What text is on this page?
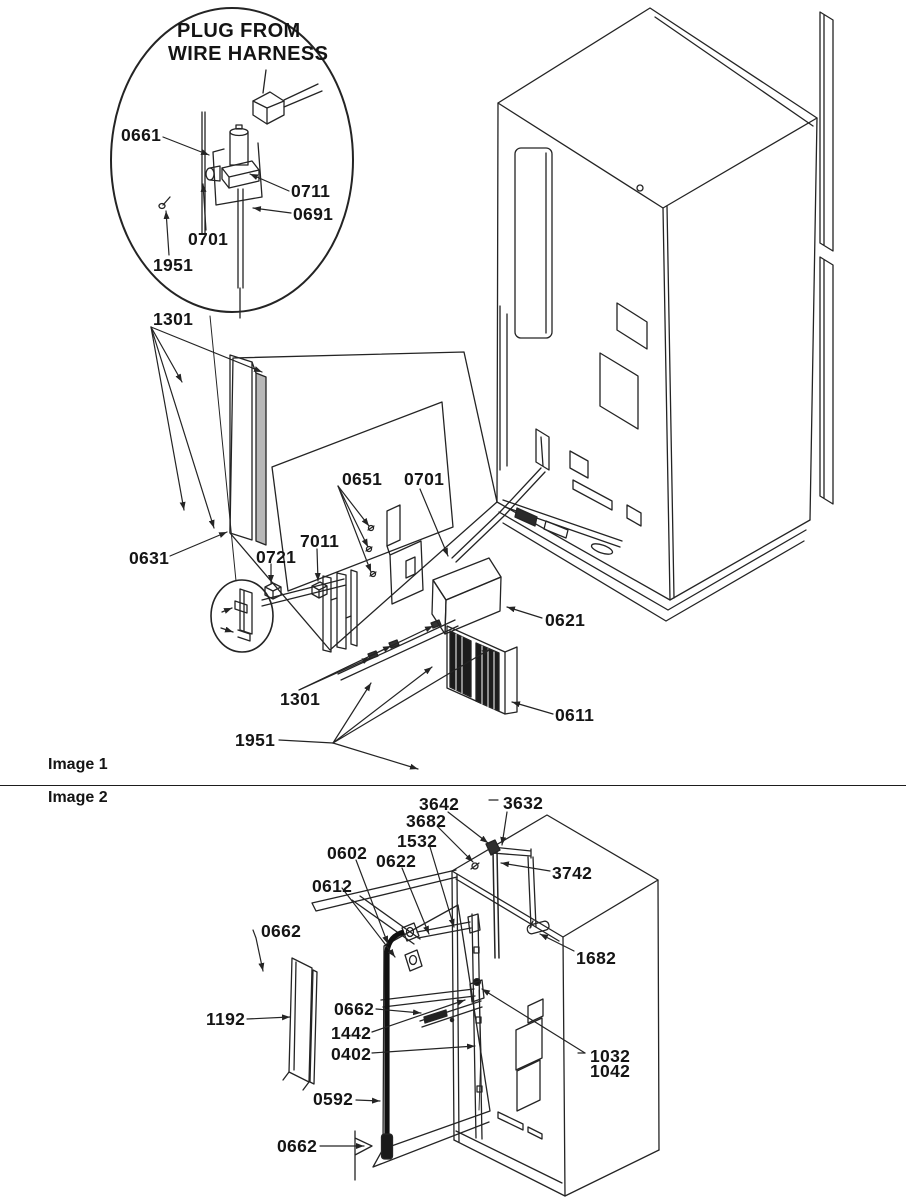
PLUG FROM
WIRE HARNESS
Image 1
Image 2
0661
0711
0691
0701
1951
1301
0651 0701
0631	0721
7011
0621
1301
0611
1951
3642	3632
3682
1532
0602 0622
0612
3742
1682
0662
1192	0662
1442
0402
0592
0662
1032
1042
